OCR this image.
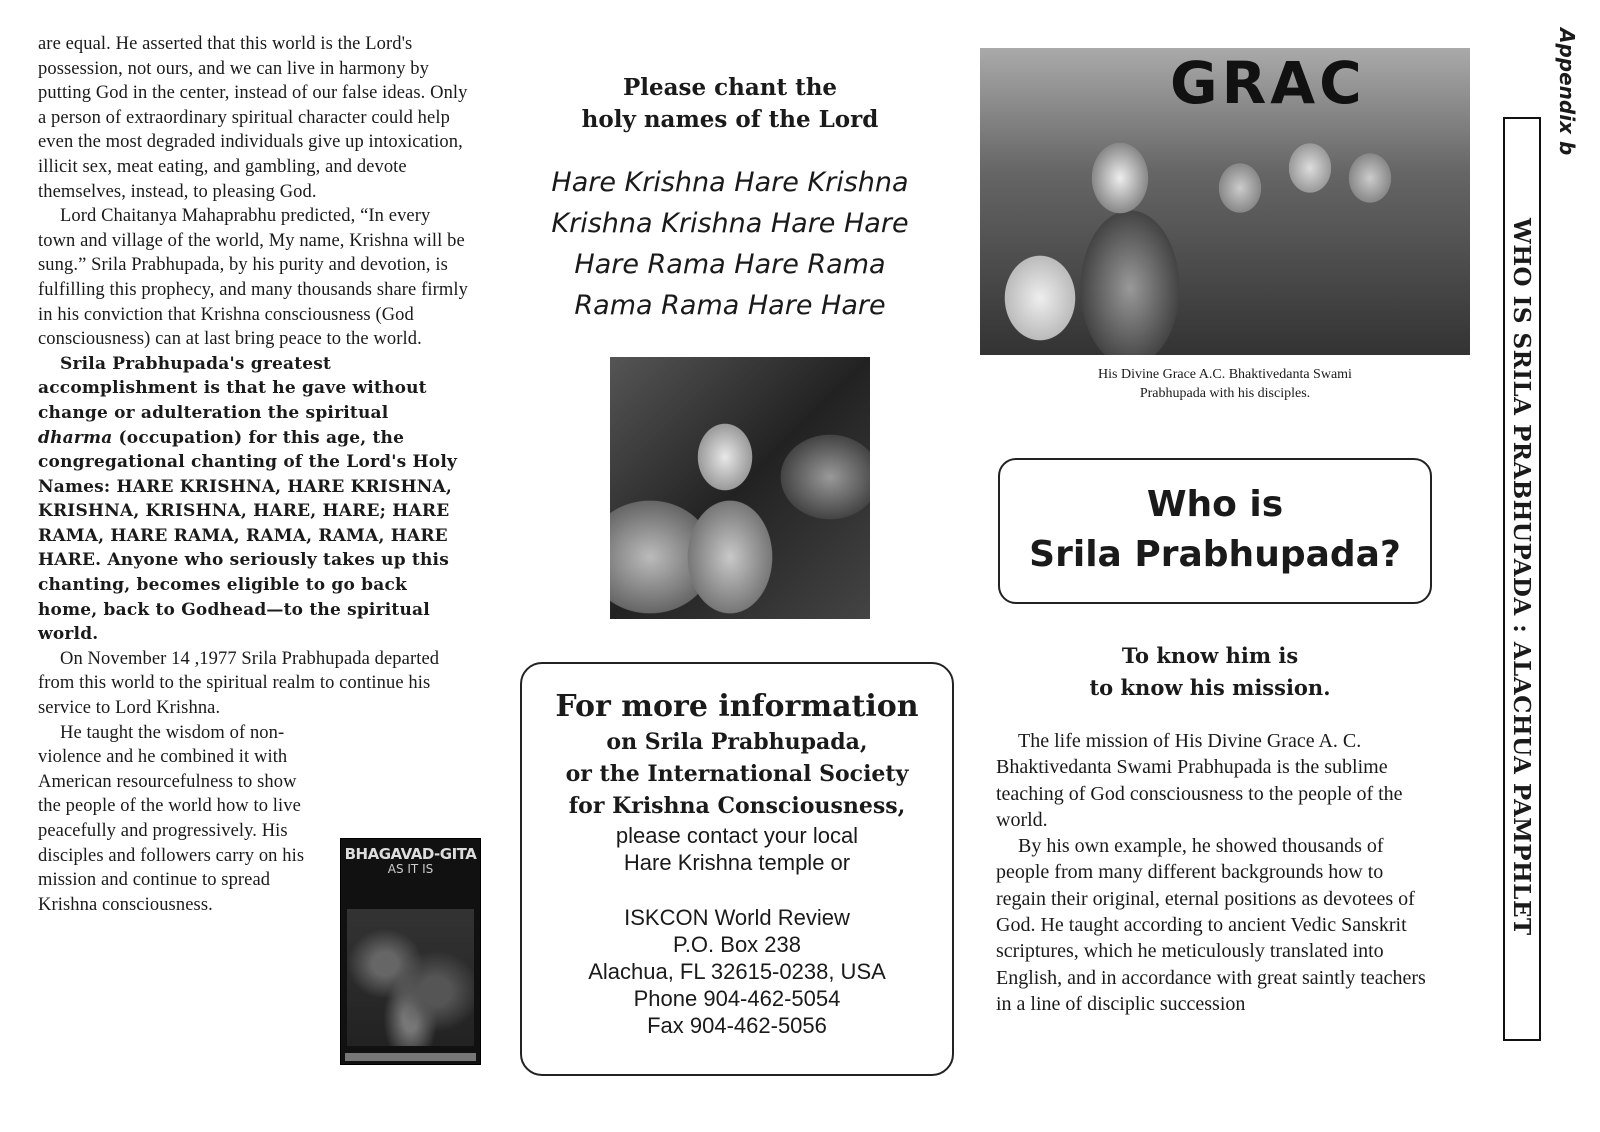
are equal. He asserted that this world is the Lord's possession, not ours, and we can live in harmony by putting God in the center, instead of our false ideas. Only a person of extraordinary spiritual character could help even the most degraded individuals give up intoxication, illicit sex, meat eating, and gambling, and devote themselves, instead, to pleasing God.

Lord Chaitanya Mahaprabhu predicted, “In every town and village of the world, My name, Krishna will be sung.” Srila Prabhupada, by his purity and devotion, is fulfilling this prophecy, and many thousands share firmly in his conviction that Krishna consciousness (God consciousness) can at last bring peace to the world.

Srila Prabhupada's greatest accomplishment is that he gave without change or adulteration the spiritual dharma (occupation) for this age, the congregational chanting of the Lord's Holy Names: HARE KRISHNA, HARE KRISHNA, KRISHNA, KRISHNA, HARE, HARE; HARE RAMA, HARE RAMA, RAMA, RAMA, HARE HARE. Anyone who seriously takes up this chanting, becomes eligible to go back home, back to Godhead—to the spiritual world.

On November 14 ,1977 Srila Prabhupada departed from this world to the spiritual realm to continue his service to Lord Krishna.

He taught the wisdom of non-violence and he combined it with American resourcefulness to show the people of the world how to live peacefully and progressively. His disciples and followers carry on his mission and continue to spread Krishna consciousness.

BHAGAVAD-GITA
AS IT IS
Please chant the
holy names of the Lord
Hare Krishna Hare Krishna
Krishna Krishna Hare Hare
Hare Rama Hare Rama
Rama Rama Hare Hare
For more information
on Srila Prabhupada,
or the International Society
for Krishna Consciousness,
please contact your local
Hare Krishna temple or
ISKCON World Review
P.O. Box 238
Alachua, FL 32615-0238, USA
Phone 904-462-5054
Fax 904-462-5056
GRAC
His Divine Grace A.C. Bhaktivedanta Swami
Prabhupada with his disciples.
Who is
Srila Prabhupada?
To know him is
to know his mission.

The life mission of His Divine Grace A. C. Bhaktivedanta Swami Prabhupada is the sublime teaching of God consciousness to the people of the world.

By his own example, he showed thousands of people from many different backgrounds how to regain their original, eternal positions as devotees of God. He taught according to ancient Vedic Sanskrit scriptures, which he meticulously translated into English, and in accordance with great saintly teachers in a line of disciplic succession

WHO IS SRILA PRABHUPADA : ALACHUA PAMPHLET
Appendix b
